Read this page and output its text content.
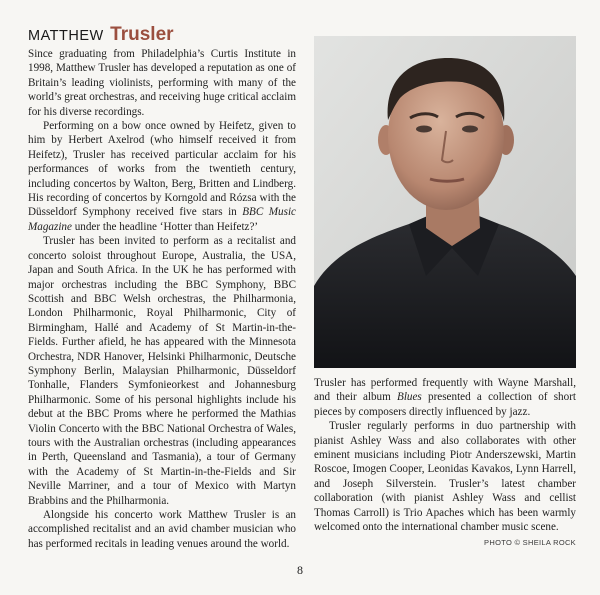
MATTHEW Trusler

Since graduating from Philadelphia’s Curtis Institute in 1998, Matthew Trusler has developed a reputation as one of Britain’s leading violinists, performing with many of the world’s great orchestras, and receiving huge critical acclaim for his diverse recordings.

Performing on a bow once owned by Heifetz, given to him by Herbert Axelrod (who himself received it from Heifetz), Trusler has received particular acclaim for his performances of works from the twentieth century, including concertos by Walton, Berg, Britten and Lindberg. His recording of concertos by Korngold and Rózsa with the Düsseldorf Symphony received five stars in BBC Music Magazine under the headline ‘Hotter than Heifetz?’

Trusler has been invited to perform as a recitalist and concerto soloist throughout Europe, Australia, the USA, Japan and South Africa. In the UK he has performed with major orchestras including the BBC Symphony, BBC Scottish and BBC Welsh orchestras, the Philharmonia, London Philharmonic, Royal Philharmonic, City of Birmingham, Hallé and Academy of St Martin-in-the-Fields. Further afield, he has appeared with the Minnesota Orchestra, NDR Hanover, Helsinki Philharmonic, Deutsche Symphony Berlin, Malaysian Philharmonic, Düsseldorf Tonhalle, Flanders Symfonieorkest and Johannesburg Philharmonic. Some of his personal highlights include his debut at the BBC Proms where he performed the Mathias Violin Concerto with the BBC National Orchestra of Wales, tours with the Australian orchestras (including appearances in Perth, Queensland and Tasmania), a tour of Germany with the Academy of St Martin-in-the-Fields and Sir Neville Marriner, and a tour of Mexico with Martyn Brabbins and the Philharmonia.

Alongside his concerto work Matthew Trusler is an accomplished recitalist and an avid chamber musician who has performed recitals in leading venues around the world.

Trusler has performed frequently with Wayne Marshall, and their album Blues presented a collection of short pieces by composers directly influenced by jazz.

Trusler regularly performs in duo partnership with pianist Ashley Wass and also collaborates with other eminent musicians including Piotr Anderszewski, Martin Roscoe, Imogen Cooper, Leonidas Kavakos, Lynn Harrell, and Joseph Silverstein. Trusler’s latest chamber collaboration (with pianist Ashley Wass and cellist Thomas Carroll) is Trio Apaches which has been warmly welcomed onto the international chamber music scene.

PHOTO © SHEILA ROCK
8
